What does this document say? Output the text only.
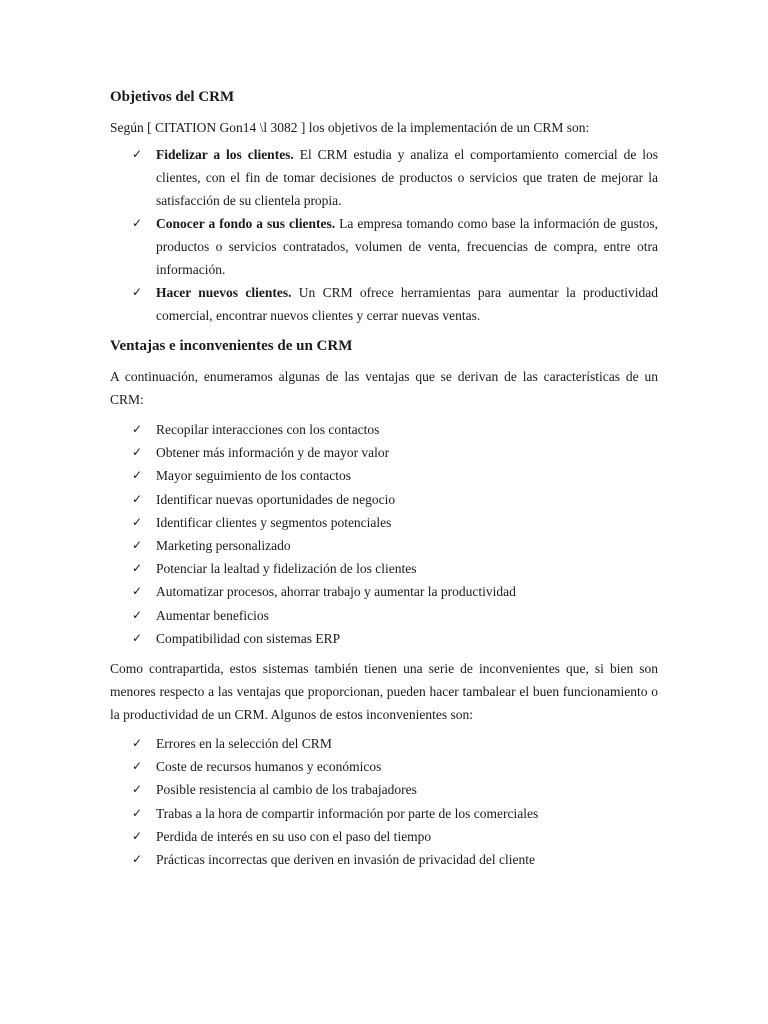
Objetivos del CRM

Según [ CITATION Gon14 \l 3082 ] los objetivos de la implementación de un CRM son:

✓ Fidelizar a los clientes. El CRM estudia y analiza el comportamiento comercial de los clientes, con el fin de tomar decisiones de productos o servicios que traten de mejorar la satisfacción de su clientela propia.
✓ Conocer a fondo a sus clientes. La empresa tomando como base la información de gustos, productos o servicios contratados, volumen de venta, frecuencias de compra, entre otra información.
✓ Hacer nuevos clientes. Un CRM ofrece herramientas para aumentar la productividad comercial, encontrar nuevos clientes y cerrar nuevas ventas.
Ventajas e inconvenientes de un CRM

A continuación, enumeramos algunas de las ventajas que se derivan de las características de un CRM:

✓ Recopilar interacciones con los contactos
✓ Obtener más información y de mayor valor
✓ Mayor seguimiento de los contactos
✓ Identificar nuevas oportunidades de negocio
✓ Identificar clientes y segmentos potenciales
✓ Marketing personalizado
✓ Potenciar la lealtad y fidelización de los clientes
✓ Automatizar procesos, ahorrar trabajo y aumentar la productividad
✓ Aumentar beneficios
✓ Compatibilidad con sistemas ERP

Como contrapartida, estos sistemas también tienen una serie de inconvenientes que, si bien son menores respecto a las ventajas que proporcionan, pueden hacer tambalear el buen funcionamiento o la productividad de un CRM. Algunos de estos inconvenientes son:

✓ Errores en la selección del CRM
✓ Coste de recursos humanos y económicos
✓ Posible resistencia al cambio de los trabajadores
✓ Trabas a la hora de compartir información por parte de los comerciales
✓ Perdida de interés en su uso con el paso del tiempo
✓ Prácticas incorrectas que deriven en invasión de privacidad del cliente
